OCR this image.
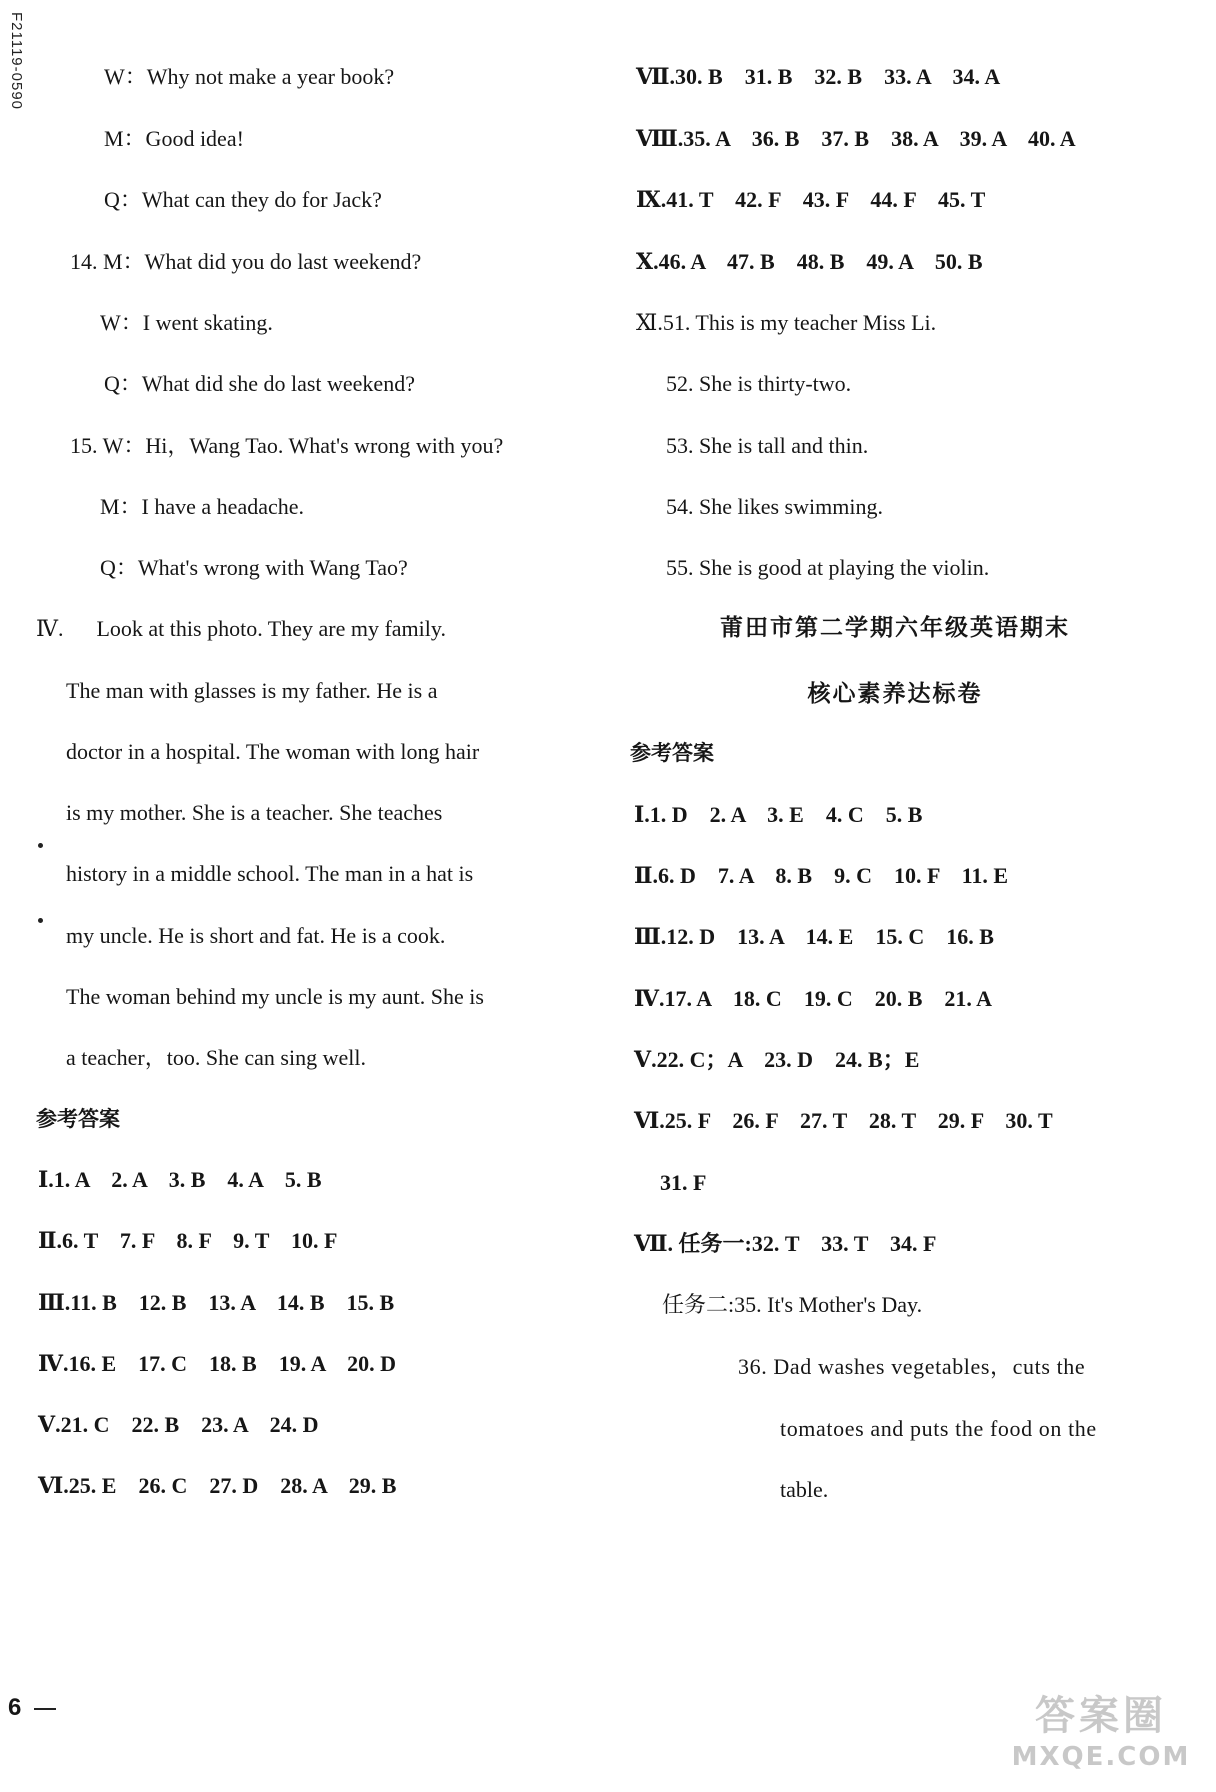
F21119-0590	W：Why not make a year book?
M：Good idea!
Q：What can they do for Jack?
14. M：What did you do last weekend?
W：I went skating.
Q：What did she do last weekend?
15. W：Hi，Wang Tao. What's wrong with you?
M：I have a headache.
Q：What's wrong with Wang Tao?
Ⅳ.      Look at this photo. They are my family.
The man with glasses is my father. He is a
doctor in a hospital. The woman with long hair
is my mother. She is a teacher. She teaches
history in a middle school. The man in a hat is
my uncle. He is short and fat. He is a cook.
The woman behind my uncle is my aunt. She is
a teacher，too. She can sing well.
参考答案
Ⅰ.1. A　2. A　3. B　4. A　5. B
Ⅱ.6. T　7. F　8. F　9. T　10. F
Ⅲ.11. B　12. B　13. A　14. B　15. B
Ⅳ.16. E　17. C　18. B　19. A　20. D
Ⅴ.21. C　22. B　23. A　24. D
Ⅵ.25. E　26. C　27. D　28. A　29. B
Ⅶ.30. B　31. B　32. B　33. A　34. A
Ⅷ.35. A　36. B　37. B　38. A　39. A　40. A
Ⅸ.41. T　42. F　43. F　44. F　45. T
Ⅹ.46. A　47. B　48. B　49. A　50. B
Ⅺ.51. This is my teacher Miss Li.
52. She is thirty-two.
53. She is tall and thin.
54. She likes swimming.
55. She is good at playing the violin.
莆田市第二学期六年级英语期末
核心素养达标卷
参考答案
Ⅰ.1. D　2. A　3. E　4. C　5. B
Ⅱ.6. D　7. A　8. B　9. C　10. F　11. E
Ⅲ.12. D　13. A　14. E　15. C　16. B
Ⅳ.17. A　18. C　19. C　20. B　21. A
Ⅴ.22. C；A　23. D　24. B；E
Ⅵ.25. F　26. F　27. T　28. T　29. F　30. T
31. F
Ⅶ. 任务一:32. T　33. T　34. F
任务二:35. It's Mother's Day.
36. Dad washes vegetables，cuts the
tomatoes and puts the food on the
table.
6	答案圈
MXQE.COM
